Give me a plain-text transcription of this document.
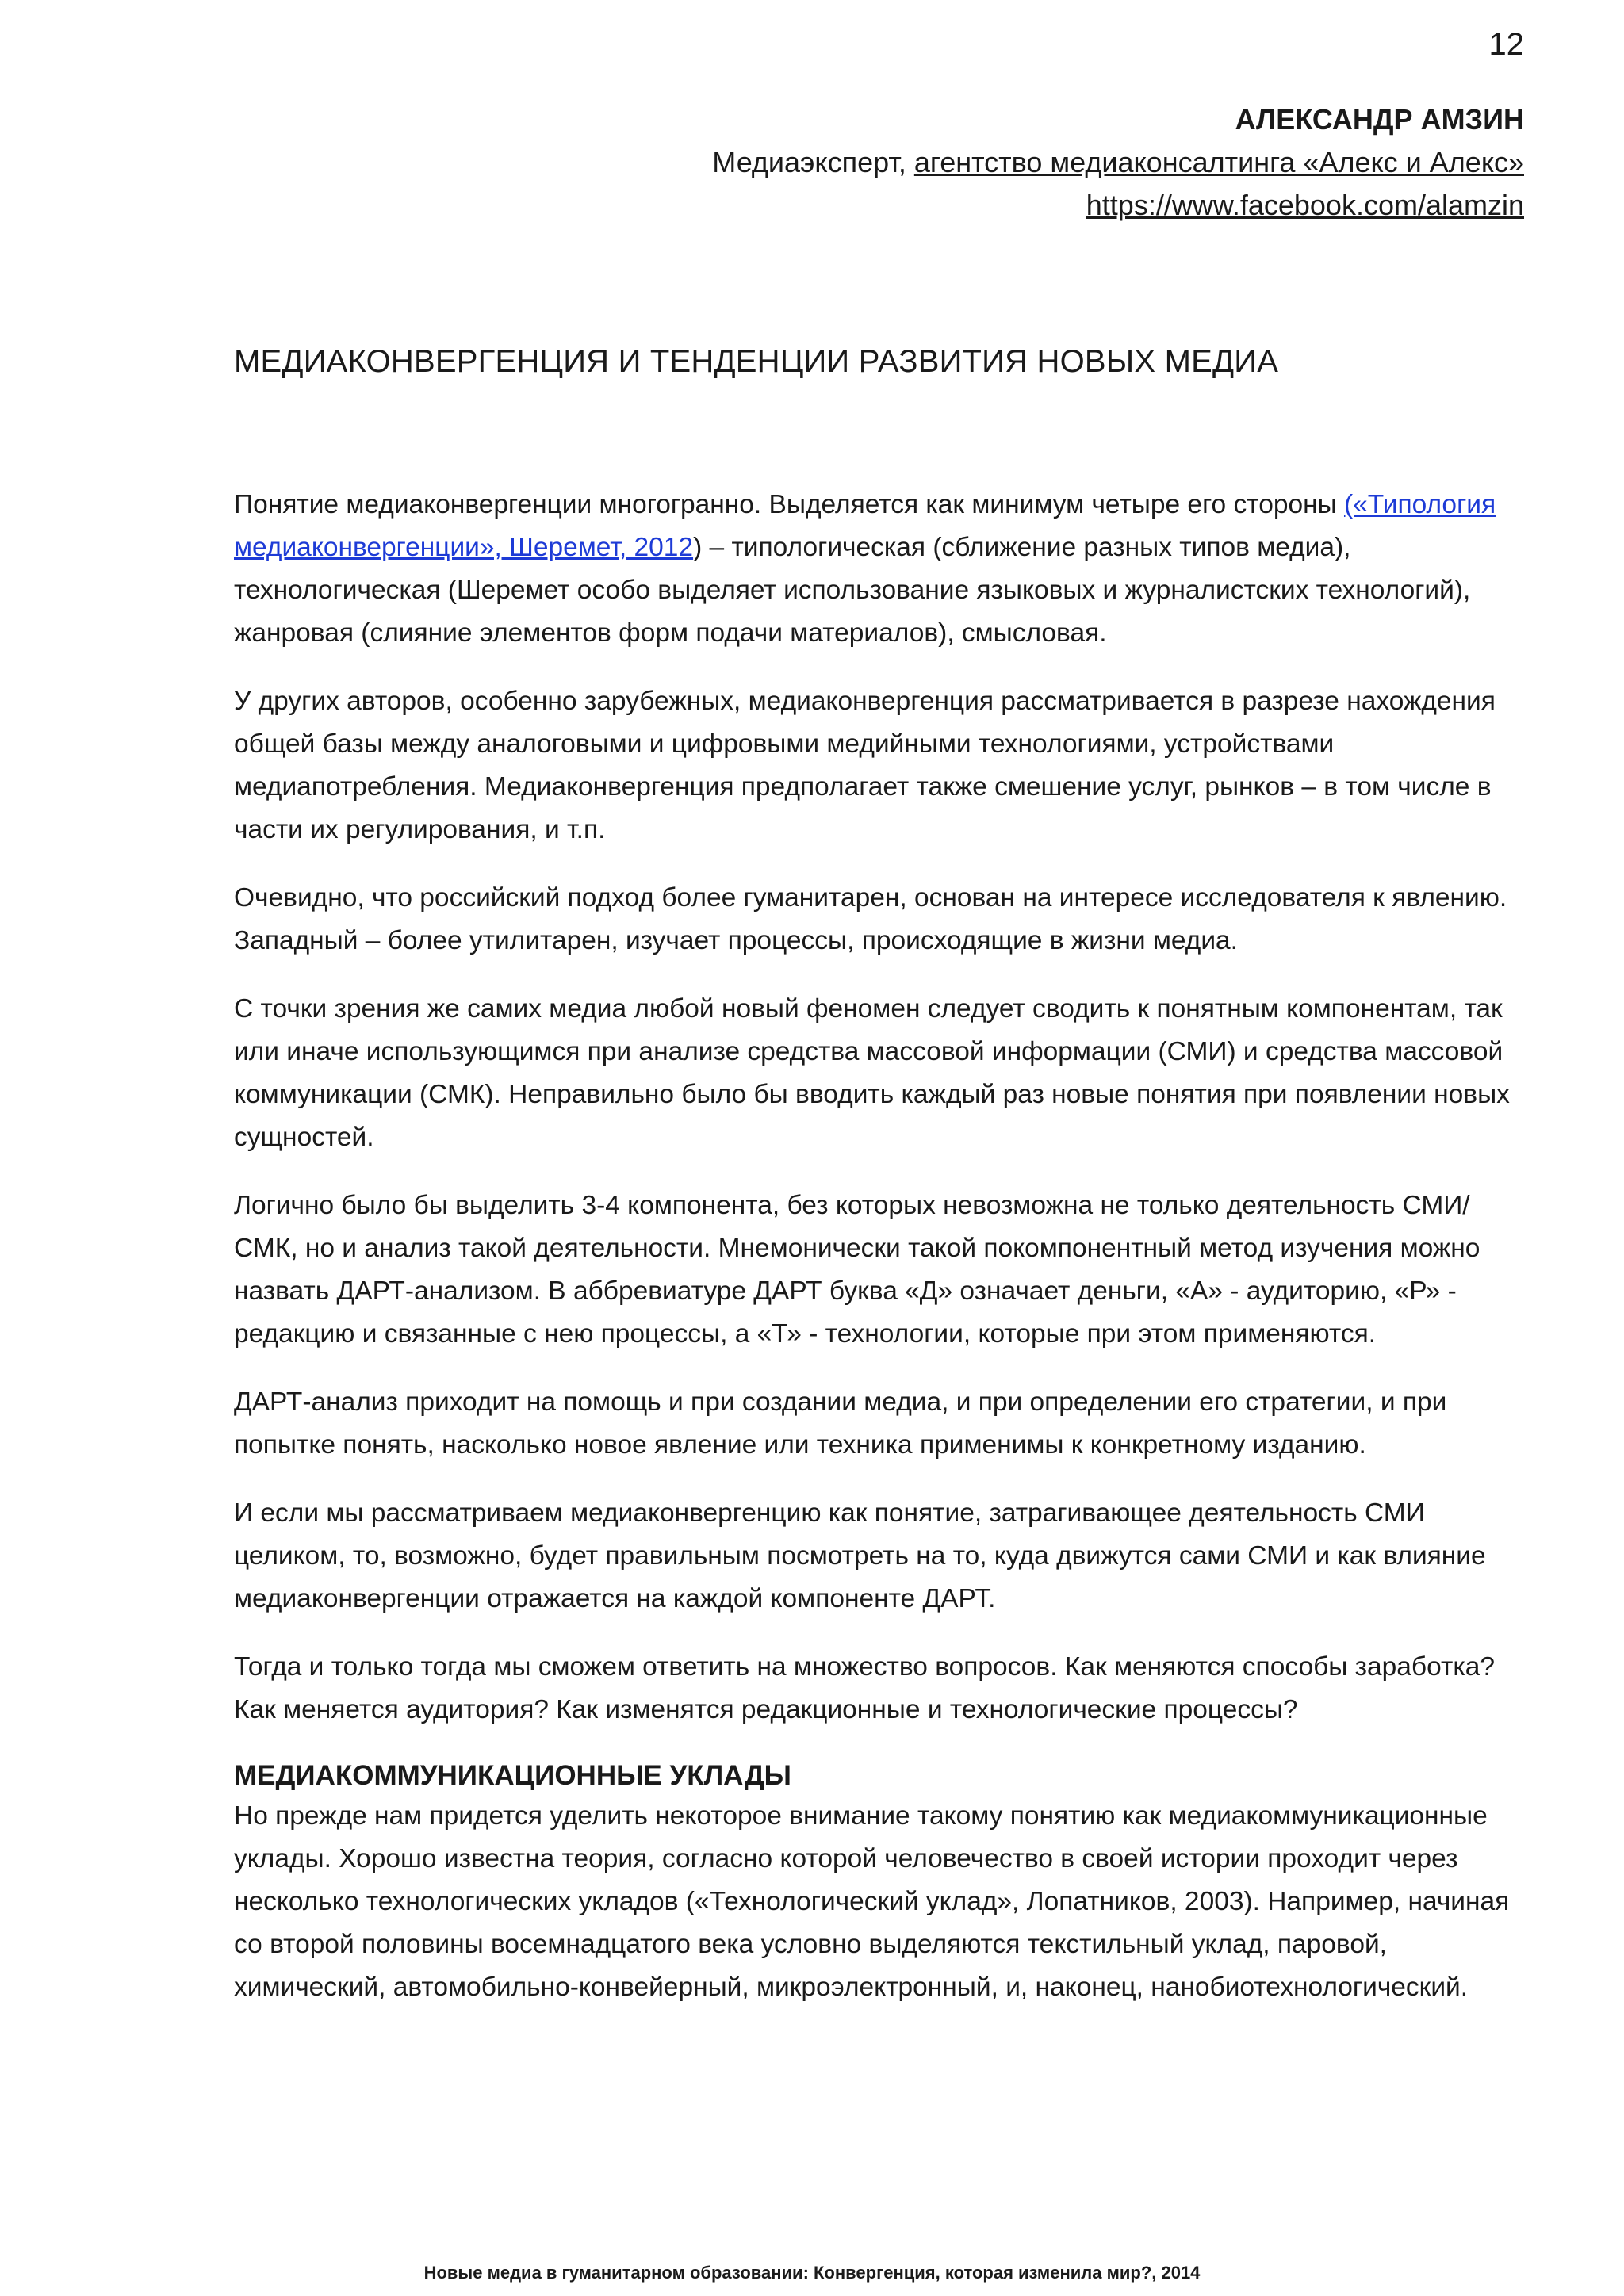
12
АЛЕКСАНДР АМЗИН
Медиаэксперт, агентство медиаконсалтинга «Алекс и Алекс»
https://www.facebook.com/alamzin
МЕДИАКОНВЕРГЕНЦИЯ И ТЕНДЕНЦИИ РАЗВИТИЯ НОВЫХ МЕДИА

Понятие медиаконвергенции многогранно. Выделяется как минимум четыре его стороны («Типология медиаконвергенции», Шеремет, 2012) – типологическая (сближение разных типов медиа), технологическая (Шеремет особо выделяет использование языковых и журналистских технологий), жанровая (слияние элементов форм подачи материалов), смысловая.

У других авторов, особенно зарубежных, медиаконвергенция рассматривается в разрезе нахождения общей базы между аналоговыми и цифровыми медийными технологиями, устройствами медиапотребления. Медиаконвергенция предполагает также смешение услуг, рынков – в том числе в части их регулирования, и т.п.

Очевидно, что российский подход более гуманитарен, основан на интересе исследователя к явлению. Западный – более утилитарен, изучает процессы, происходящие в жизни медиа.

С точки зрения же самих медиа любой новый феномен следует сводить к понятным компонентам, так или иначе использующимся при анализе средства массовой информации (СМИ) и средства массовой коммуникации (СМК). Неправильно было бы вводить каждый раз новые понятия при появлении новых сущностей.

Логично было бы выделить 3-4 компонента, без которых невозможна не только деятельность СМИ/СМК, но и анализ такой деятельности. Мнемонически такой покомпонентный метод изучения можно назвать ДАРТ-анализом. В аббревиатуре ДАРТ буква «Д» означает деньги, «А» - аудиторию, «Р» - редакцию и связанные с нею процессы, а «Т» - технологии, которые при этом применяются.

ДАРТ-анализ приходит на помощь и при создании медиа, и при определении его стратегии, и при попытке понять, насколько новое явление или техника применимы к конкретному изданию.

И если мы рассматриваем медиаконвергенцию как понятие, затрагивающее деятельность СМИ целиком, то, возможно, будет правильным посмотреть на то, куда движутся сами СМИ и как влияние медиаконвергенции отражается на каждой компоненте ДАРТ.

Тогда и только тогда мы сможем ответить на множество вопросов. Как меняются способы заработка? Как меняется аудитория? Как изменятся редакционные и технологические процессы?

МЕДИАКОММУНИКАЦИОННЫЕ УКЛАДЫ

Но прежде нам придется уделить некоторое внимание такому понятию как медиакоммуникационные уклады. Хорошо известна теория, согласно которой человечество в своей истории проходит через несколько технологических укладов («Технологический уклад», Лопатников, 2003). Например, начиная со второй половины восемнадцатого века условно выделяются текстильный уклад, паровой, химический, автомобильно-конвейерный, микроэлектронный, и, наконец, нанобиотехнологический.

Новые медиа в гуманитарном образовании: Конвергенция, которая изменила мир?, 2014
